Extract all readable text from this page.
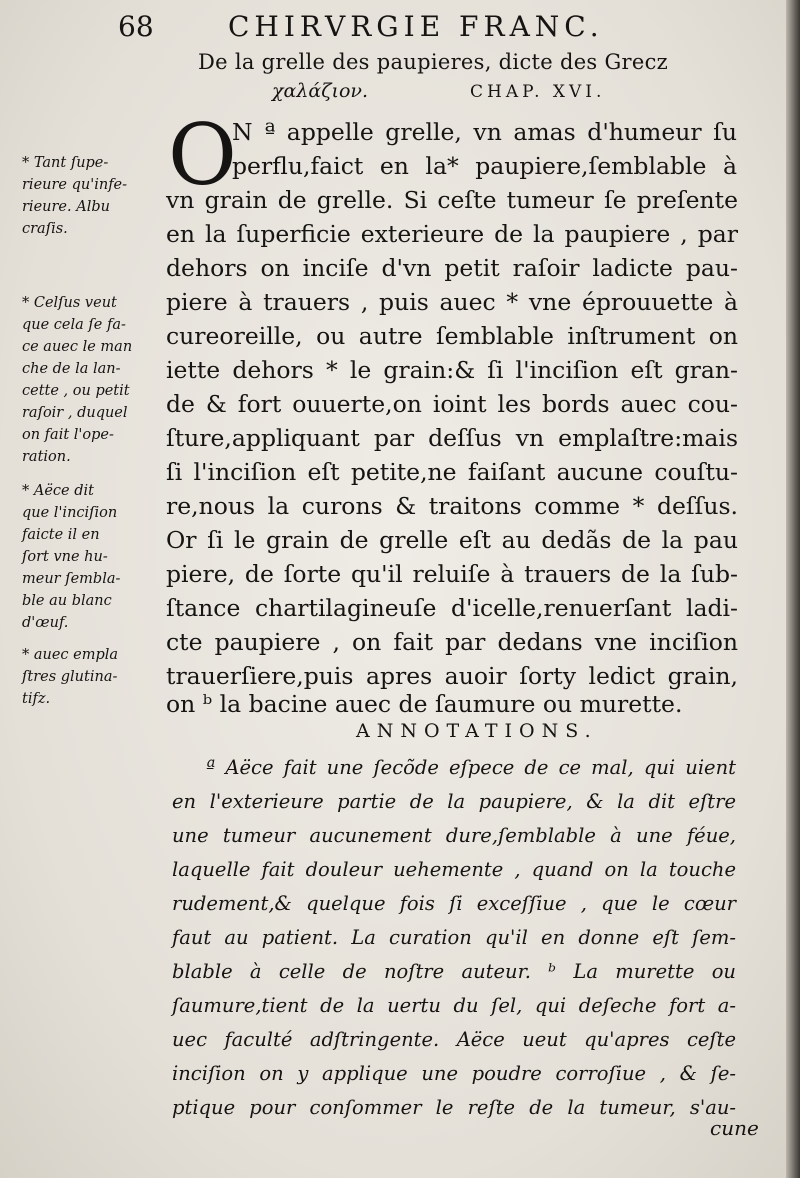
68	CHIRVRGIE FRANC.
De la grelle des paupieres, dicte des Grecz
χαλάζιον.	CHAP. XVI.
O
N ª appelle grelle, vn amas d'humeur ſu
perflu,faict en la* paupiere,ſemblable à
vn grain de grelle. Si ceſte tumeur ſe preſente
en la ſuperficie exterieure de la paupiere , par
dehors on inciſe d'vn petit raſoir ladicte pau-
piere à trauers , puis auec * vne éprouuette à
cureoreille, ou autre ſemblable inſtrument on
iette dehors * le grain:& ſi l'inciſion eſt gran-
de & fort ouuerte,on ioint les bords auec cou-
ſture,appliquant par deſſus vn emplaſtre:mais
ſi l'inciſion eſt petite,ne faiſant aucune couſtu-
re,nous la curons & traitons comme * deſſus.
Or ſi le grain de grelle eſt au dedãs de la pau
piere, de ſorte qu'il reluiſe à trauers de la ſub-
ſtance chartilagineuſe d'icelle,renuerſant ladi-
cte paupiere , on fait par dedans vne inciſion
trauerſiere,puis apres auoir ſorty ledict grain,
on ᵇ la bacine auec de ſaumure ou murette.
ANNOTATIONS.
ª Aëce fait une ſecõde eſpece de ce mal, qui uient
en l'exterieure partie de la paupiere, & la dit eſtre
une tumeur aucunement dure,ſemblable à une féue,
laquelle fait douleur uehemente , quand on la touche
rudement,& quelque fois ſi exceſſiue , que le cœur
faut au patient. La curation qu'il en donne eſt ſem-
blable à celle de noſtre auteur. ᵇ La murette ou
ſaumure,tient de la uertu du ſel, qui deſeche fort a-
uec faculté adſtringente. Aëce ueut qu'apres ceſte
inciſion on y applique une poudre corroſiue , & ſe-
ptique pour conſommer le reſte de la tumeur, s'au-
cune
* Tant ſupe-
rieure qu'infe-
rieure. Albu
craſis.
* Celſus veut
que cela ſe fa-
ce auec le man
che de la lan-
cette , ou petit
raſoir , duquel
on fait l'ope-
ration.
* Aëce dit
que l'inciſion
faicte il en
ſort vne hu-
meur ſembla-
ble au blanc
d'œuf.
* auec empla
ſtres glutina-
tifz.
